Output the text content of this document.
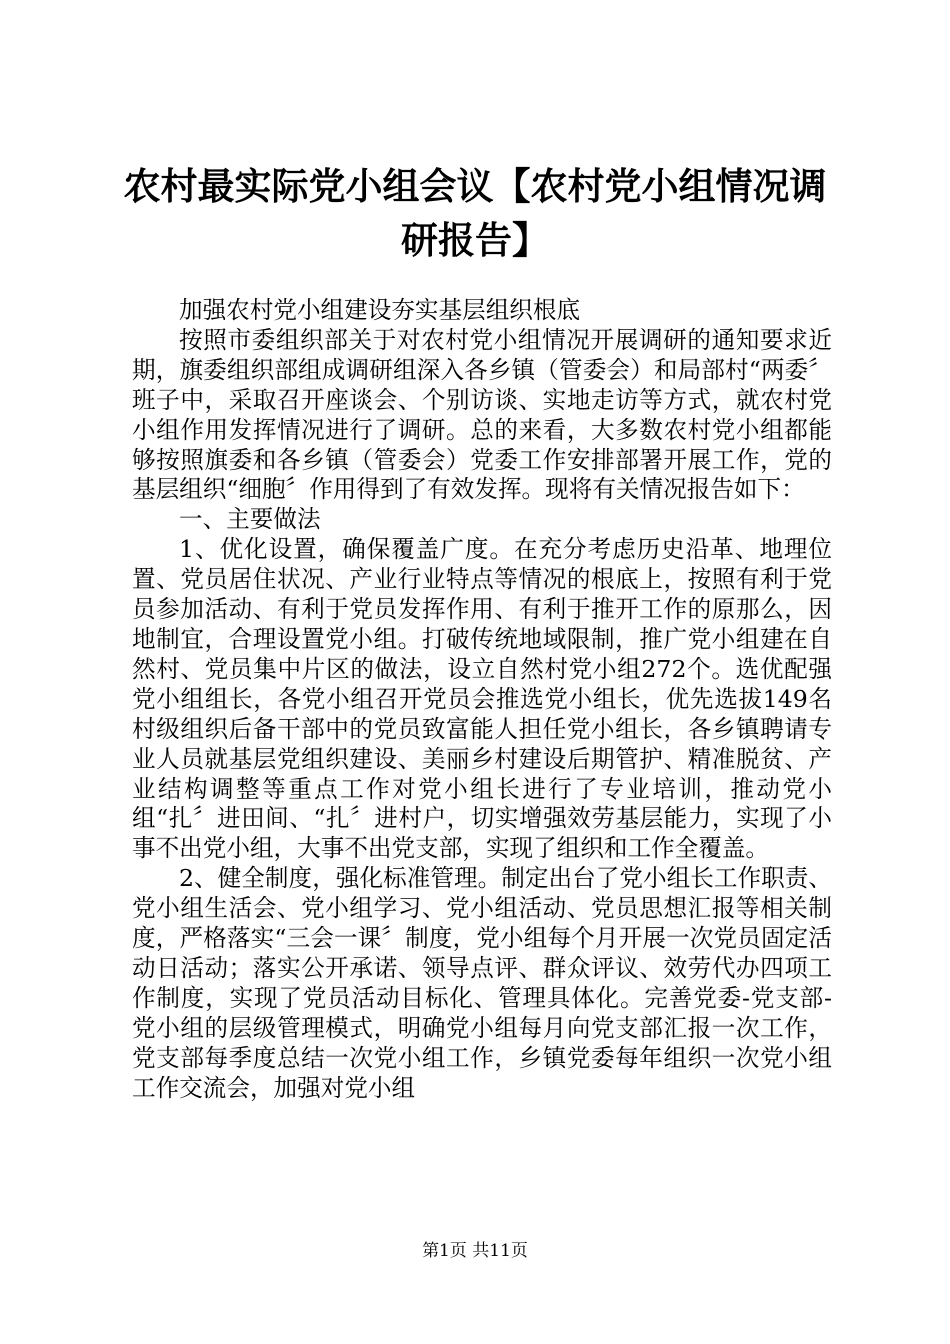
农村最实际党小组会议【农村党小组情况调研报告】

加强农村党小组建设夯实基层组织根底

按照市委组织部关于对农村党小组情况开展调研的通知要求近期，旗委组织部组成调研组深入各乡镇（管委会）和局部村“两委〞班子中，采取召开座谈会、个别访谈、实地走访等方式，就农村党小组作用发挥情况进行了调研。总的来看，大多数农村党小组都能够按照旗委和各乡镇（管委会）党委工作安排部署开展工作，党的基层组织“细胞〞作用得到了有效发挥。现将有关情况报告如下：

一、主要做法

1、优化设置，确保覆盖广度。在充分考虑历史沿革、地理位置、党员居住状况、产业行业特点等情况的根底上，按照有利于党员参加活动、有利于党员发挥作用、有利于推开工作的原那么，因地制宜，合理设置党小组。打破传统地域限制，推广党小组建在自然村、党员集中片区的做法，设立自然村党小组272个。选优配强党小组组长，各党小组召开党员会推选党小组长，优先选拔149名村级组织后备干部中的党员致富能人担任党小组长，各乡镇聘请专业人员就基层党组织建设、美丽乡村建设后期管护、精准脱贫、产业结构调整等重点工作对党小组长进行了专业培训，推动党小组“扎〞进田间、“扎〞进村户，切实增强效劳基层能力，实现了小事不出党小组，大事不出党支部，实现了组织和工作全覆盖。

2、健全制度，强化标准管理。制定出台了党小组长工作职责、党小组生活会、党小组学习、党小组活动、党员思想汇报等相关制度，严格落实“三会一课〞制度，党小组每个月开展一次党员固定活动日活动；落实公开承诺、领导点评、群众评议、效劳代办四项工作制度，实现了党员活动目标化、管理具体化。完善党委-党支部-党小组的层级管理模式，明确党小组每月向党支部汇报一次工作，党支部每季度总结一次党小组工作，乡镇党委每年组织一次党小组工作交流会，加强对党小组

第1页 共11页
